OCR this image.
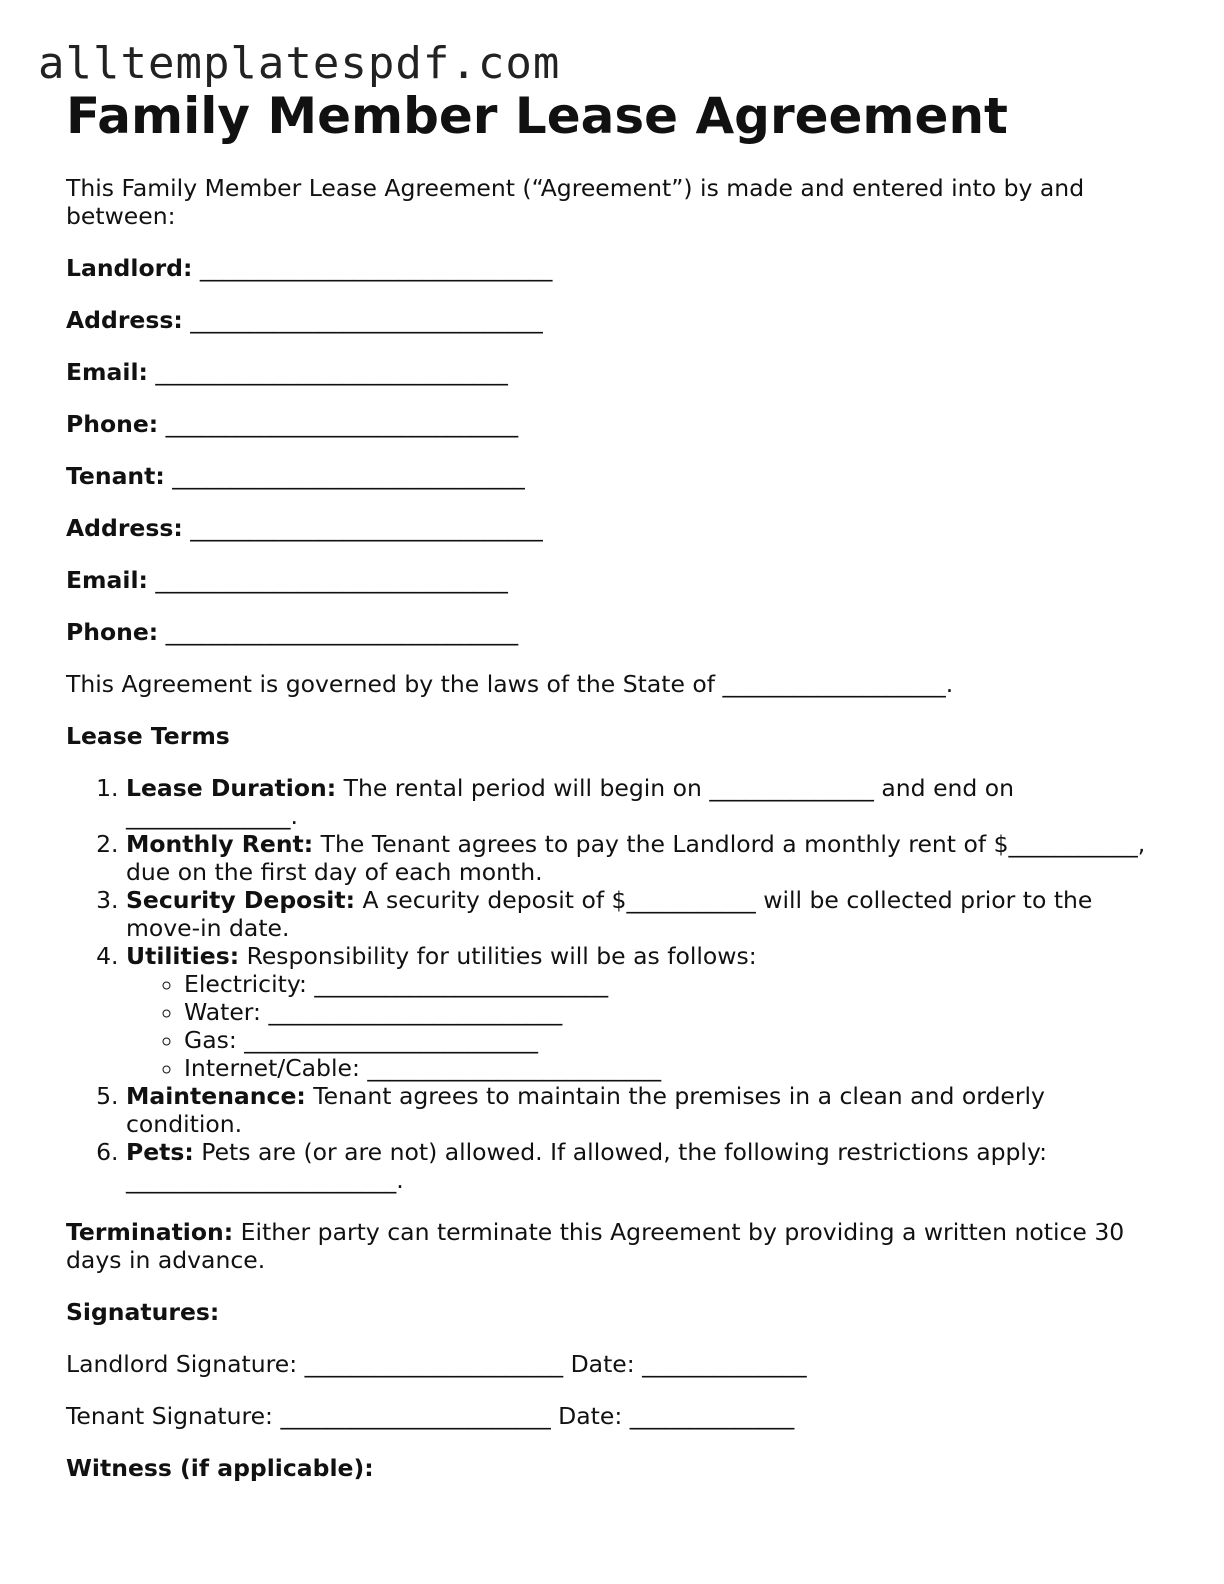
alltemplatespdf.com
Family Member Lease Agreement

This Family Member Lease Agreement (“Agreement”) is made and entered into by and between:

Landlord: ______________________________
Address: ______________________________
Email: ______________________________
Phone: ______________________________
Tenant: ______________________________
Address: ______________________________
Email: ______________________________
Phone: ______________________________

This Agreement is governed by the laws of the State of ___________________.

Lease Terms

1. Lease Duration: The rental period will begin on ______________ and end on ______________.
2. Monthly Rent: The Tenant agrees to pay the Landlord a monthly rent of $___________, due on the first day of each month.
3. Security Deposit: A security deposit of $___________ will be collected prior to the move-in date.
4. Utilities: Responsibility for utilities will be as follows:
◦ Electricity: _________________________
◦ Water: _________________________
◦ Gas: _________________________
◦ Internet/Cable: _________________________
5. Maintenance: Tenant agrees to maintain the premises in a clean and orderly condition.
6. Pets: Pets are (or are not) allowed. If allowed, the following restrictions apply: _______________________.

Termination: Either party can terminate this Agreement by providing a written notice 30 days in advance.

Signatures:

Landlord Signature: ______________________ Date: ______________

Tenant Signature: _______________________ Date: ______________

Witness (if applicable):
